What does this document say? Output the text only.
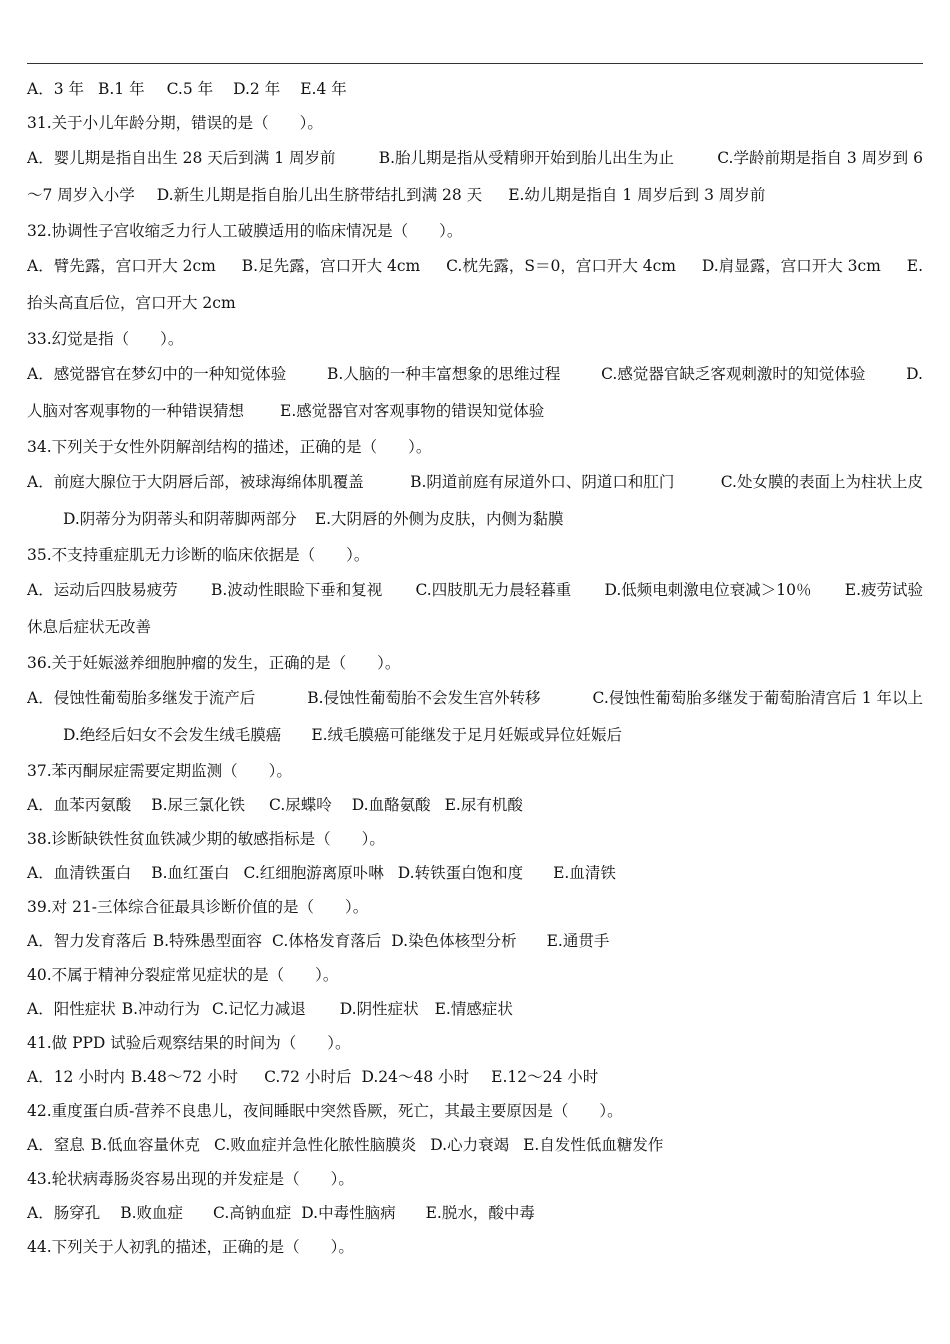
A．3 年 B.1 年 C.5 年 D.2 年 E.4 年
31.关于小儿年龄分期，错误的是（　　）。
A．婴儿期是指自出生 28 天后到满 1 周岁前	B.胎儿期是指从受精卵开始到胎儿出生为止	C.学龄前期是指自 3 周岁到 6
～7 周岁入小学 D.新生儿期是指自胎儿出生脐带结扎到满 28 天 E.幼儿期是指自 1 周岁后到 3 周岁前
32.协调性子宫收缩乏力行人工破膜适用的临床情况是（　　）。
A．臂先露，宫口开大 2cm B.足先露，宫口开大 4cm C.枕先露，S＝0，宫口开大 4cm D.肩显露，宫口开大 3cm E.
抬头高直后位，宫口开大 2cm
33.幻觉是指（　　）。
A．感觉器官在梦幻中的一种知觉体验	B.人脑的一种丰富想象的思维过程	C.感觉器官缺乏客观刺激时的知觉体验	D.
人脑对客观事物的一种错误猜想 E.感觉器官对客观事物的错误知觉体验
34.下列关于女性外阴解剖结构的描述，正确的是（　　）。
A．前庭大腺位于大阴唇后部，被球海绵体肌覆盖	B.阴道前庭有尿道外口、阴道口和肛门	C.处女膜的表面上为柱状上皮
D.阴蒂分为阴蒂头和阴蒂脚两部分 E.大阴唇的外侧为皮肤，内侧为黏膜
35.不支持重症肌无力诊断的临床依据是（　　）。
A．运动后四肢易疲劳 B.波动性眼睑下垂和复视 C.四肢肌无力晨轻暮重 D.低频电刺激电位衰减＞10％ E.疲劳试验
休息后症状无改善
36.关于妊娠滋养细胞肿瘤的发生，正确的是（　　）。
A．侵蚀性葡萄胎多继发于流产后	B.侵蚀性葡萄胎不会发生宫外转移	C.侵蚀性葡萄胎多继发于葡萄胎清宫后 1 年以上
D.绝经后妇女不会发生绒毛膜癌 E.绒毛膜癌可能继发于足月妊娠或异位妊娠后
37.苯丙酮尿症需要定期监测（　　）。
A．血苯丙氨酸 B.尿三氯化铁 C.尿蝶呤 D.血酪氨酸 E.尿有机酸
38.诊断缺铁性贫血铁减少期的敏感指标是（　　）。
A．血清铁蛋白 B.血红蛋白 C.红细胞游离原卟啉 D.转铁蛋白饱和度 E.血清铁
39.对 21-三体综合征最具诊断价值的是（　　）。
A．智力发育落后 B.特殊愚型面容 C.体格发育落后 D.染色体核型分析 E.通贯手
40.不属于精神分裂症常见症状的是（　　）。
A．阳性症状 B.冲动行为 C.记忆力减退 D.阴性症状 E.情感症状
41.做 PPD 试验后观察结果的时间为（　　）。
A．12 小时内 B.48～72 小时 C.72 小时后 D.24～48 小时 E.12～24 小时
42.重度蛋白质-营养不良患儿，夜间睡眠中突然昏厥，死亡，其最主要原因是（　　）。
A．窒息 B.低血容量休克 C.败血症并急性化脓性脑膜炎 D.心力衰竭 E.自发性低血糖发作
43.轮状病毒肠炎容易出现的并发症是（　　）。
A．肠穿孔 B.败血症 C.高钠血症 D.中毒性脑病 E.脱水，酸中毒
44.下列关于人初乳的描述，正确的是（　　）。
